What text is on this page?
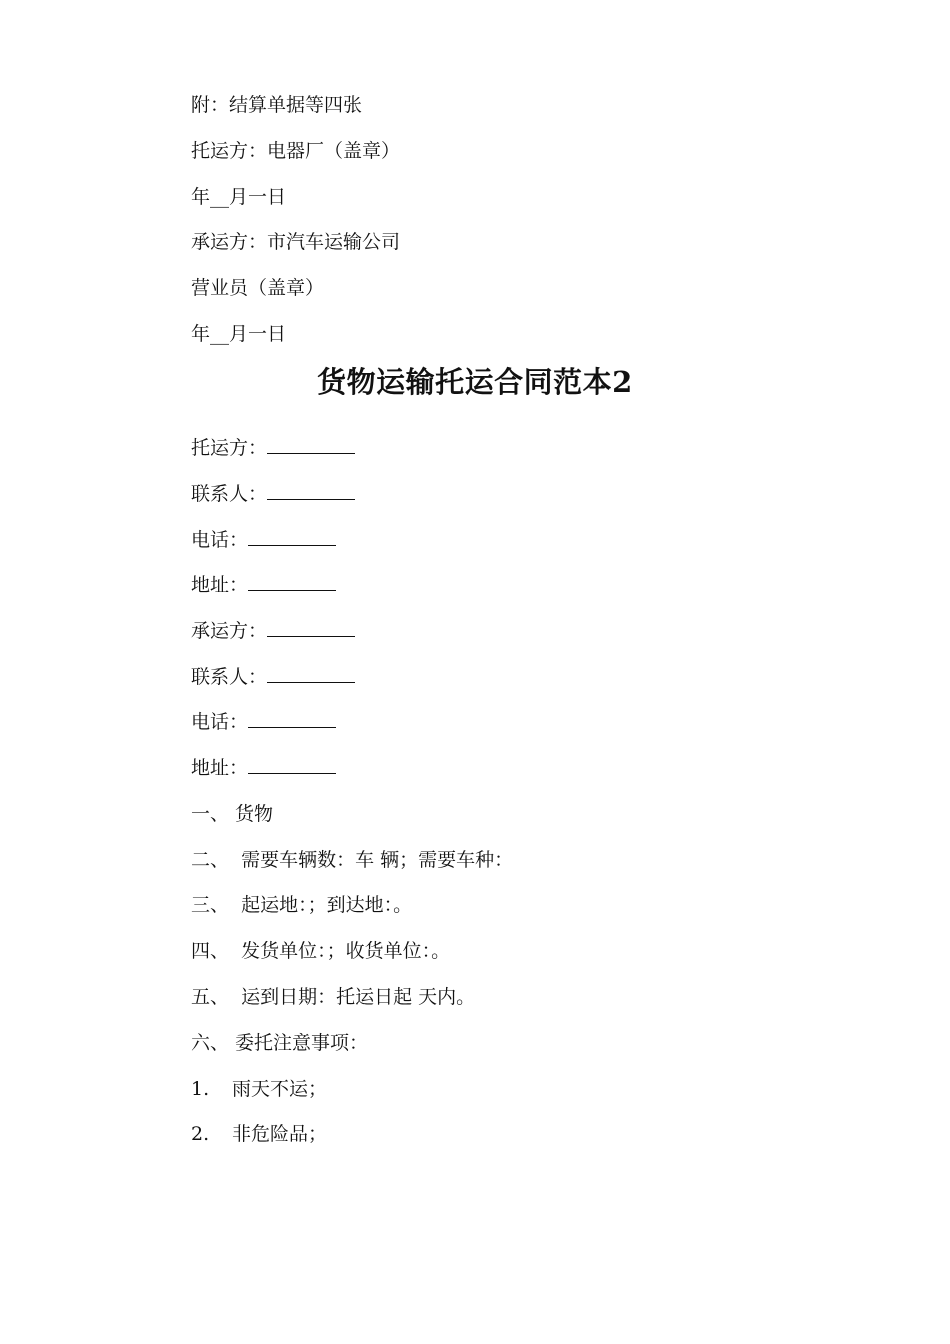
附：结算单据等四张
托运方：电器厂（盖章）
年__月一日
承运方：市汽车运输公司
营业员（盖章）
年__月一日
货物运输托运合同范本2
托运方：
联系人：
电话：
地址：
承运方：
联系人：
电话：
地址：
一、 货物
二、  需要车辆数：车 辆；需要车种：
三、  起运地：；到达地：。
四、  发货单位：；收货单位：。
五、  运到日期：托运日起 天内。
六、 委托注意事项：
1. 雨天不运；
2. 非危险品；
